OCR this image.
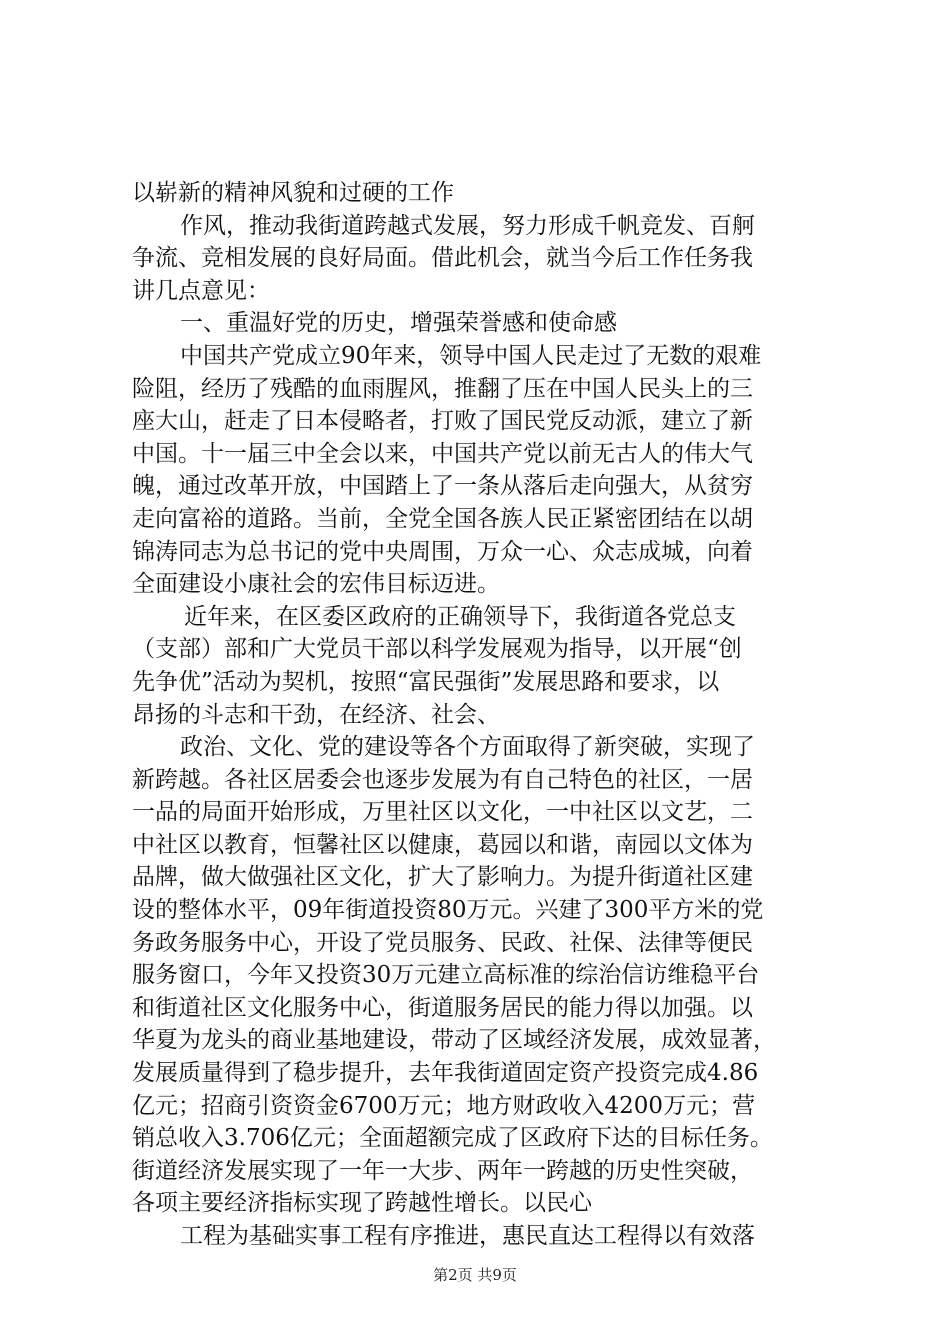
以崭新的精神风貌和过硬的工作
作风，推动我街道跨越式发展，努力形成千帆竞发、百舸
争流、竞相发展的良好局面。借此机会，就当今后工作任务我
讲几点意见：
一、重温好党的历史，增强荣誉感和使命感
中国共产党成立90年来，领导中国人民走过了无数的艰难
险阻，经历了残酷的血雨腥风，推翻了压在中国人民头上的三
座大山，赶走了日本侵略者，打败了国民党反动派，建立了新
中国。十一届三中全会以来，中国共产党以前无古人的伟大气
魄，通过改革开放，中国踏上了一条从落后走向强大，从贫穷
走向富裕的道路。当前，全党全国各族人民正紧密团结在以胡
锦涛同志为总书记的党中央周围，万众一心、众志成城，向着
全面建设小康社会的宏伟目标迈进。
近年来，在区委区政府的正确领导下，我街道各党总支
（支部）部和广大党员干部以科学发展观为指导，以开展“创
先争优”活动为契机，按照“富民强街”发展思路和要求，以
昂扬的斗志和干劲，在经济、社会、
政治、文化、党的建设等各个方面取得了新突破，实现了
新跨越。各社区居委会也逐步发展为有自己特色的社区，一居
一品的局面开始形成，万里社区以文化，一中社区以文艺，二
中社区以教育，恒馨社区以健康，葛园以和谐，南园以文体为
品牌，做大做强社区文化，扩大了影响力。为提升街道社区建
设的整体水平，09年街道投资80万元。兴建了300平方米的党
务政务服务中心，开设了党员服务、民政、社保、法律等便民
服务窗口，今年又投资30万元建立高标准的综治信访维稳平台
和街道社区文化服务中心，街道服务居民的能力得以加强。以
华夏为龙头的商业基地建设，带动了区域经济发展，成效显著，
发展质量得到了稳步提升，去年我街道固定资产投资完成4.86
亿元；招商引资资金6700万元；地方财政收入4200万元；营
销总收入3.706亿元；全面超额完成了区政府下达的目标任务。
街道经济发展实现了一年一大步、两年一跨越的历史性突破，
各项主要经济指标实现了跨越性增长。以民心
工程为基础实事工程有序推进，惠民直达工程得以有效落
第2页 共9页
